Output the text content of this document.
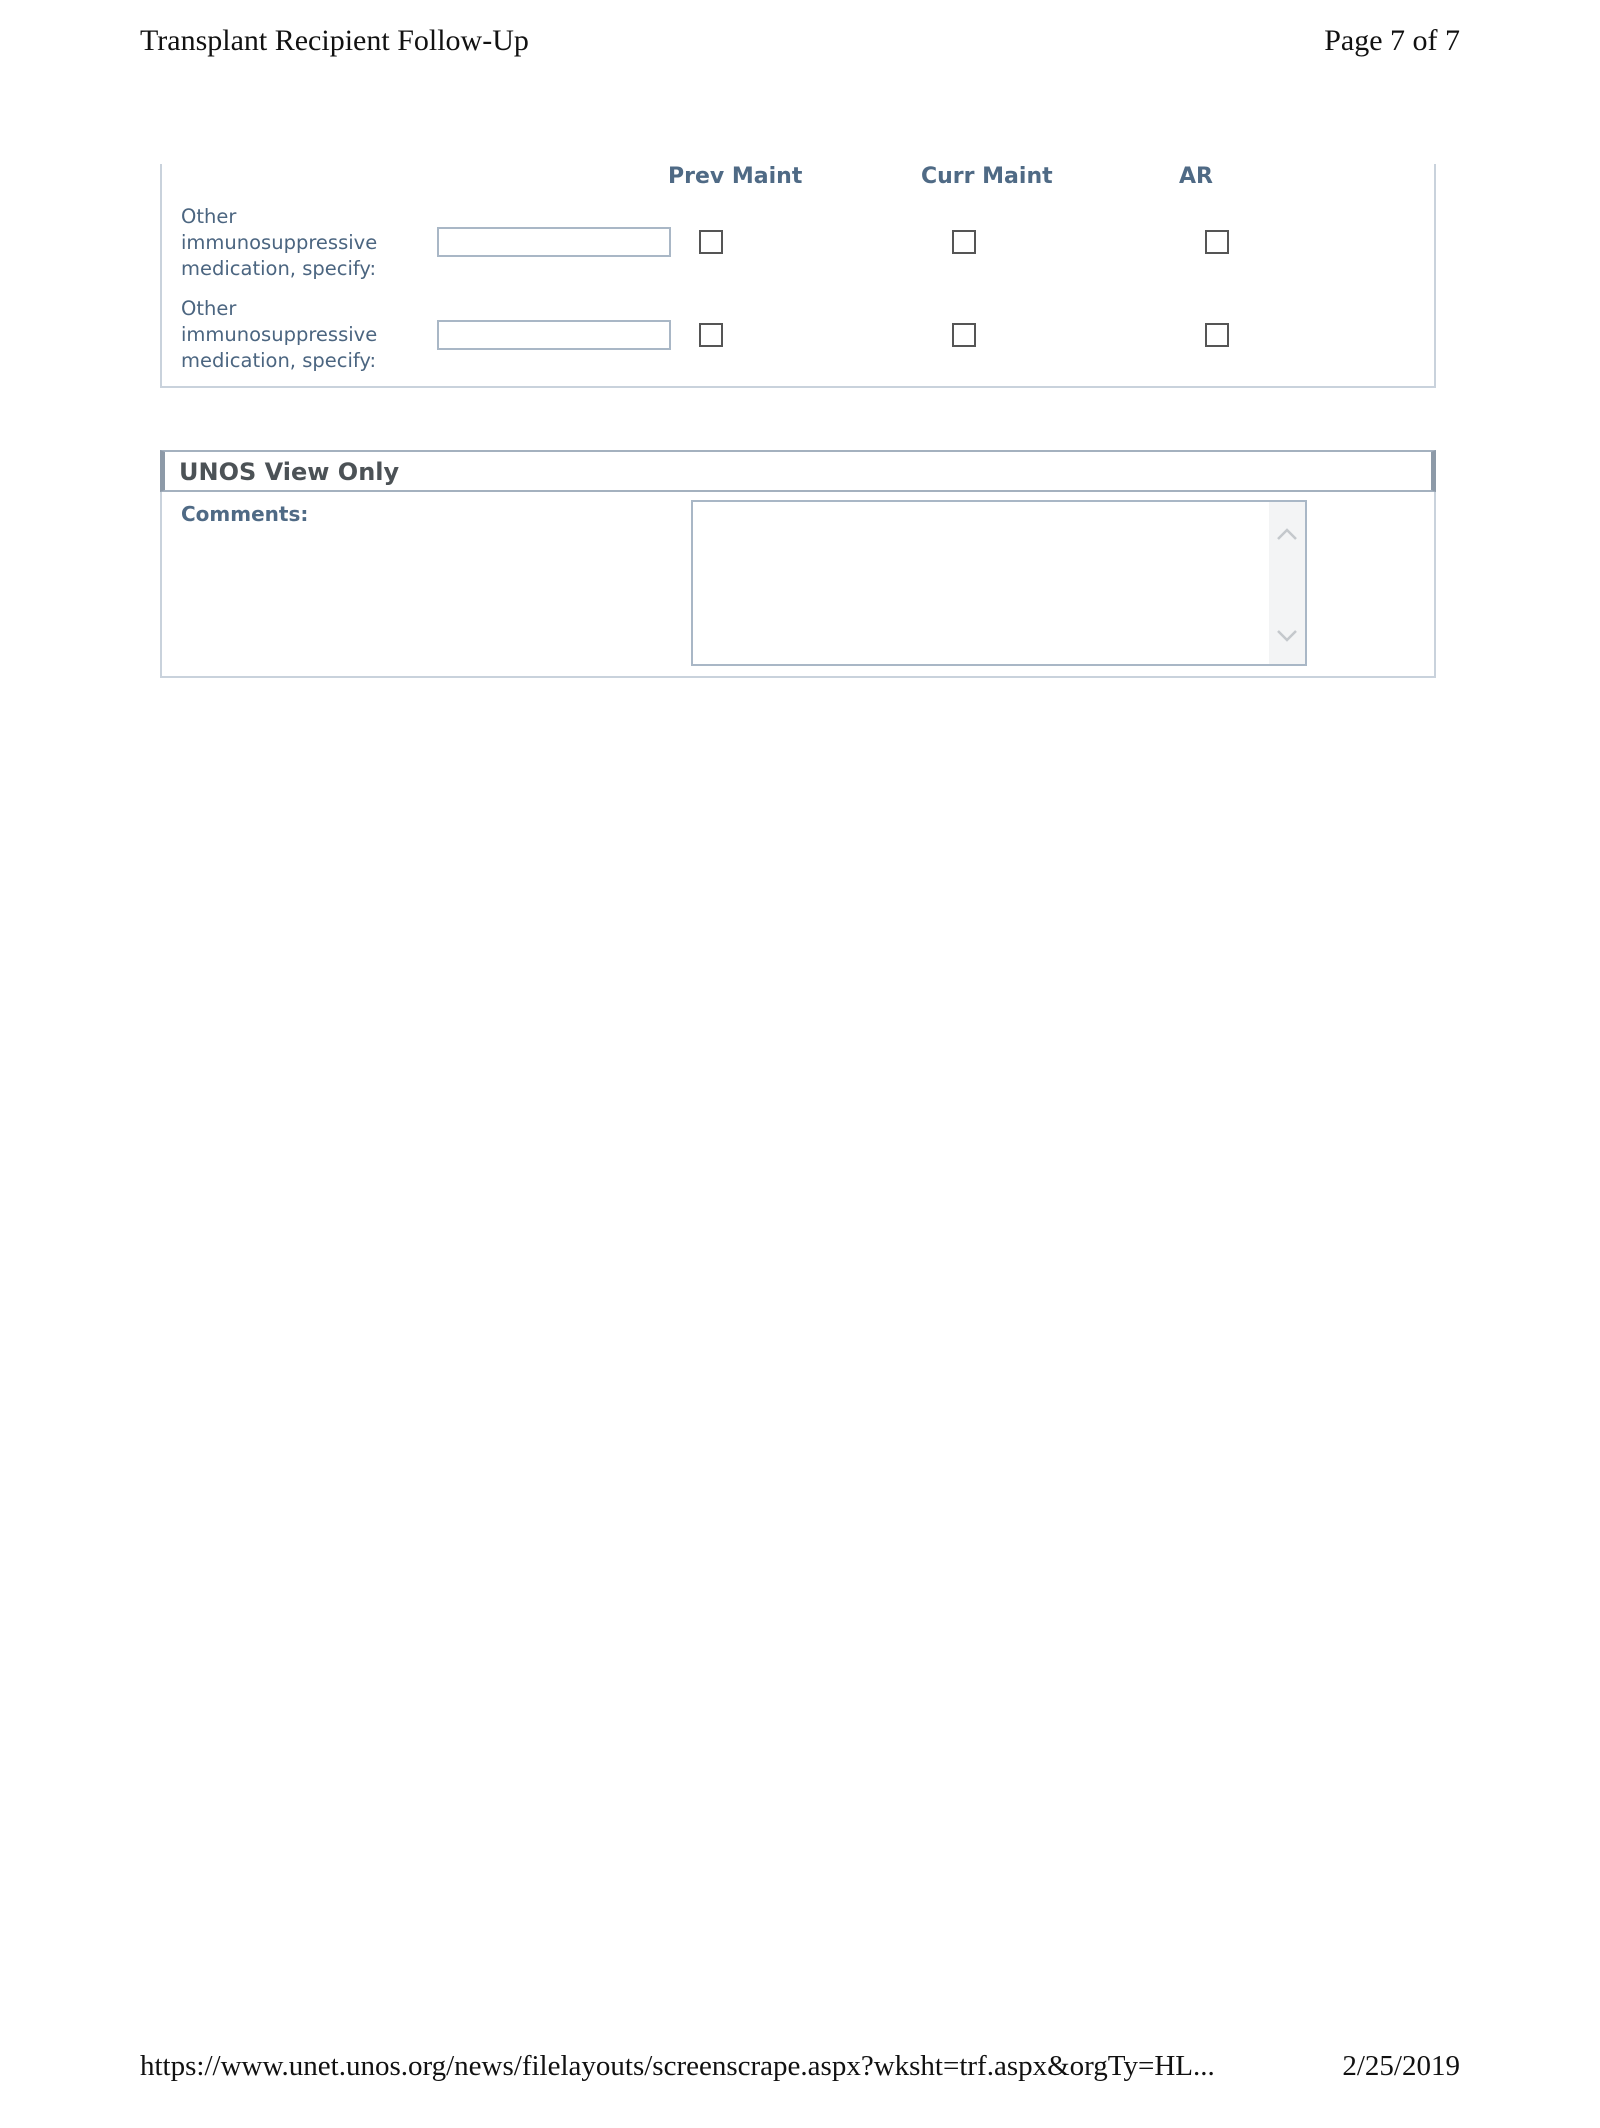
Transplant Recipient Follow-Up	Page 7 of 7
Prev Maint	Curr Maint	AR
Other immunosuppressive medication, specify:
Other immunosuppressive medication, specify:
UNOS View Only
Comments:
https://www.unet.unos.org/news/filelayouts/screenscrape.aspx?wksht=trf.aspx&orgTy=HL...	2/25/2019
